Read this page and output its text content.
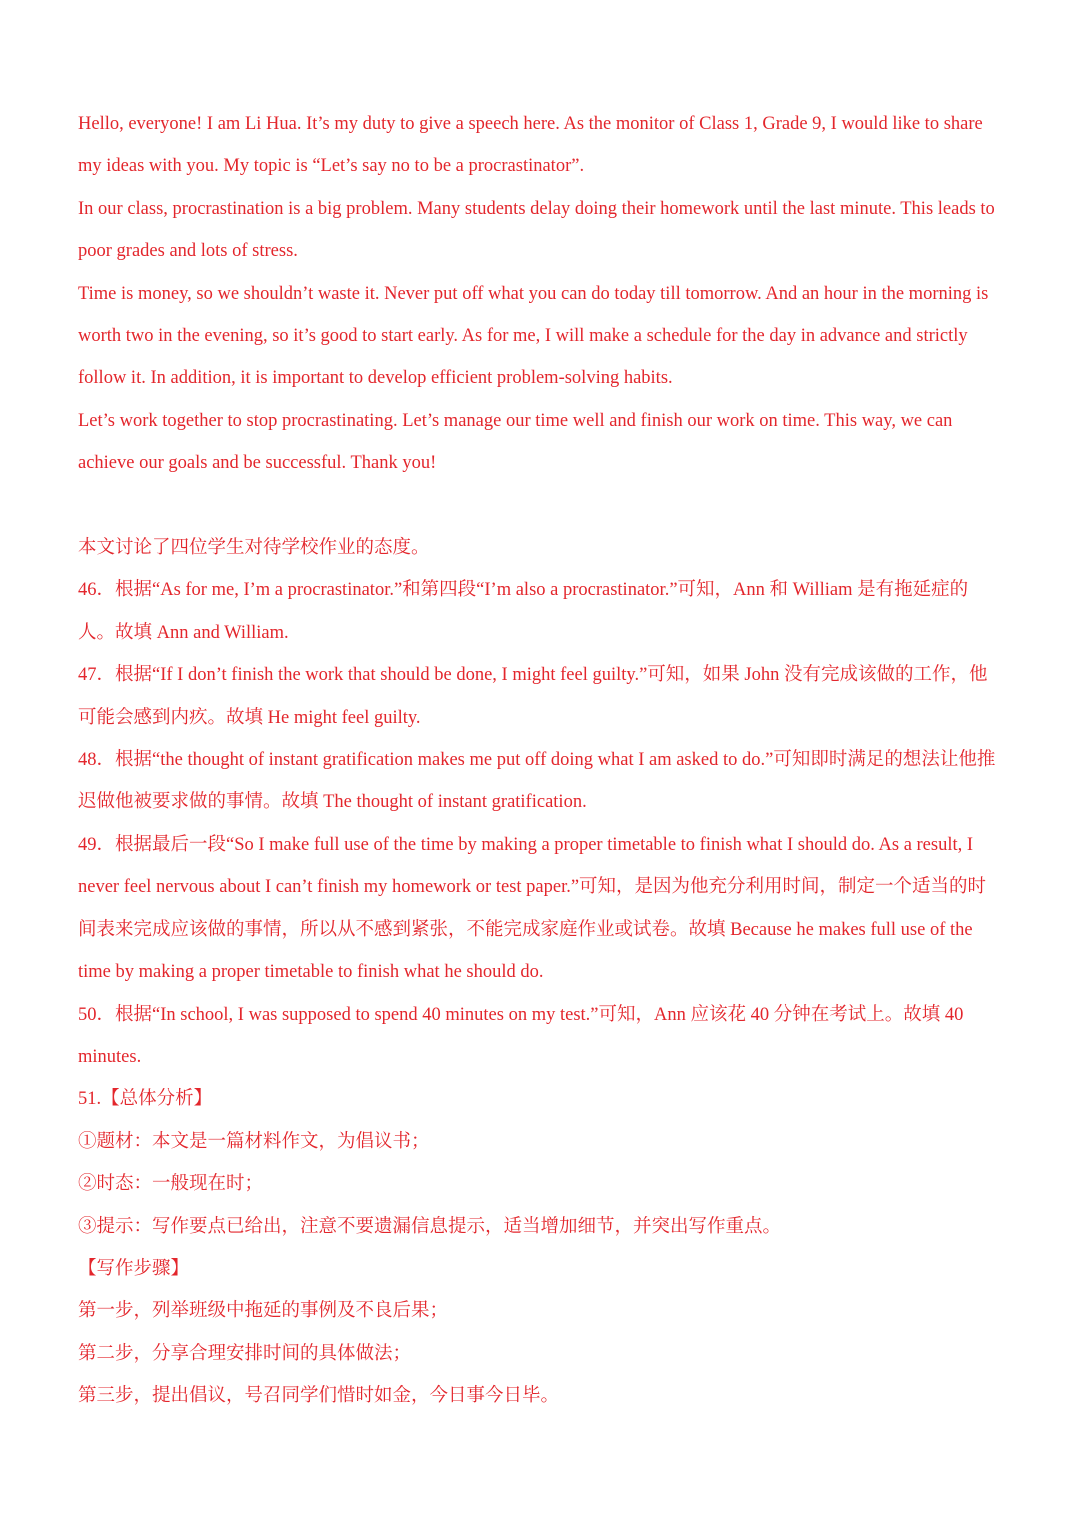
Hello, everyone! I am Li Hua. It’s my duty to give a speech here. As the monitor of Class 1, Grade 9, I would like to share my ideas with you. My topic is “Let’s say no to be a procrastinator”.

In our class, procrastination is a big problem. Many students delay doing their homework until the last minute. This leads to poor grades and lots of stress.

Time is money, so we shouldn’t waste it. Never put off what you can do today till tomorrow. And an hour in the morning is worth two in the evening, so it’s good to start early. As for me, I will make a schedule for the day in advance and strictly follow it. In addition, it is important to develop efficient problem-solving habits.

Let’s work together to stop procrastinating. Let’s manage our time well and finish our work on time. This way, we can achieve our goals and be successful. Thank you!

本文讨论了四位学生对待学校作业的态度。

46．根据“As for me, I’m a procrastinator.”和第四段“I’m also a procrastinator.”可知，Ann 和 William 是有拖延症的人。故填 Ann and William.

47．根据“If I don’t finish the work that should be done, I might feel guilty.”可知，如果 John 没有完成该做的工作，他可能会感到内疚。故填 He might feel guilty.

48．根据“the thought of instant gratification makes me put off doing what I am asked to do.”可知即时满足的想法让他推迟做他被要求做的事情。故填 The thought of instant gratification.

49．根据最后一段“So I make full use of the time by making a proper timetable to finish what I should do. As a result, I never feel nervous about I can’t finish my homework or test paper.”可知，是因为他充分利用时间，制定一个适当的时间表来完成应该做的事情，所以从不感到紧张，不能完成家庭作业或试卷。故填 Because he makes full use of the time by making a proper timetable to finish what he should do.

50．根据“In school, I was supposed to spend 40 minutes on my test.”可知，Ann 应该花 40 分钟在考试上。故填 40 minutes.

51.【总体分析】

①题材：本文是一篇材料作文，为倡议书；

②时态：一般现在时；

③提示：写作要点已给出，注意不要遗漏信息提示，适当增加细节，并突出写作重点。

【写作步骤】

第一步，列举班级中拖延的事例及不良后果；

第二步，分享合理安排时间的具体做法；

第三步，提出倡议，号召同学们惜时如金，今日事今日毕。
